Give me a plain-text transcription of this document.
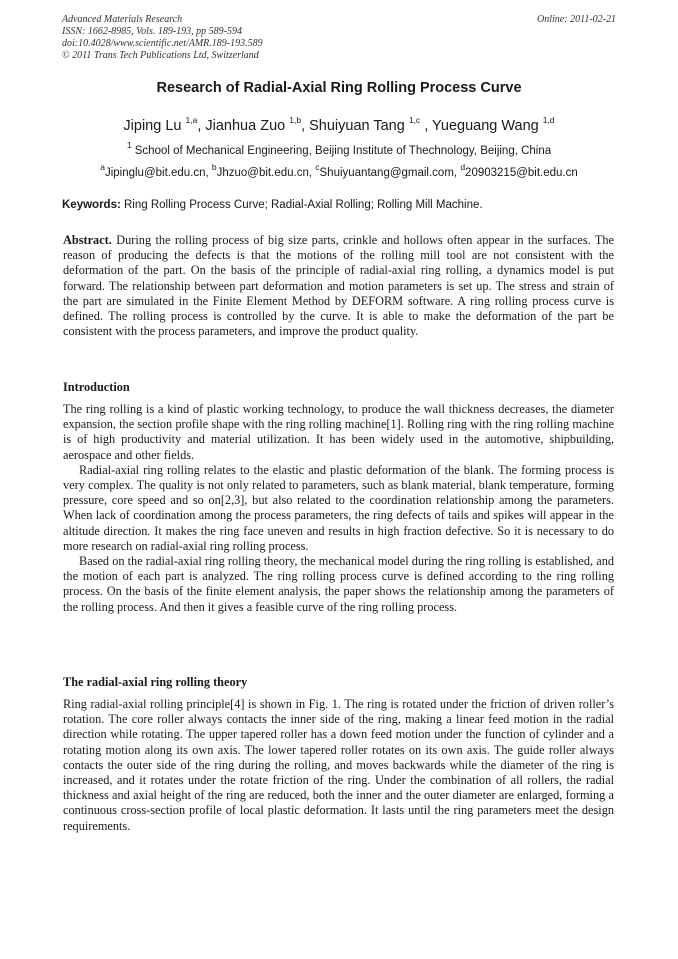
Advanced Materials Research
ISSN: 1662-8985, Vols. 189-193, pp 589-594
doi:10.4028/www.scientific.net/AMR.189-193.589
© 2011 Trans Tech Publications Ltd, Switzerland
Online: 2011-02-21
Research of Radial-Axial Ring Rolling Process Curve
Jiping Lu $^{1,a}$, Jianhua Zuo $^{1,b}$, Shuiyuan Tang $^{1,c}$ , Yueguang Wang $^{1,d}$
$^1$ School of Mechanical Engineering, Beijing Institute of Thechnology, Beijing, China
$^a$Jipinglu@bit.edu.cn, $^b$Jhzuo@bit.edu.cn, $^c$Shuiyuantang@gmail.com, $^d$20903215@bit.edu.cn
Keywords: Ring Rolling Process Curve; Radial-Axial Rolling; Rolling Mill Machine.

Abstract. During the rolling process of big size parts, crinkle and hollows often appear in the surfaces. The reason of producing the defects is that the motions of the rolling mill tool are not consistent with the deformation of the part. On the basis of the principle of radial-axial ring rolling, a dynamics model is put forward. The relationship between part deformation and motion parameters is set up. The stress and strain of the part are simulated in the Finite Element Method by DEFORM software. A ring rolling process curve is defined. The rolling process is controlled by the curve. It is able to make the deformation of the part be consistent with the process parameters, and improve the product quality.

Introduction

The ring rolling is a kind of plastic working technology, to produce the wall thickness decreases, the diameter expansion, the section profile shape with the ring rolling machine[1]. Rolling ring with the ring rolling machine is of high productivity and material utilization. It has been widely used in the automotive, shipbuilding, aerospace and other fields.

Radial-axial ring rolling relates to the elastic and plastic deformation of the blank. The forming process is very complex. The quality is not only related to parameters, such as blank material, blank temperature, forming pressure, core speed and so on[2,3], but also related to the coordination relationship among the parameters. When lack of coordination among the process parameters, the ring defects of tails and spikes will appear in the altitude direction. It makes the ring face uneven and results in high fraction defective. So it is necessary to do more research on radial-axial ring rolling process.

Based on the radial-axial ring rolling theory, the mechanical model during the ring rolling is established, and the motion of each part is analyzed. The ring rolling process curve is defined according to the ring rolling process. On the basis of the finite element analysis, the paper shows the relationship among the parameters of the rolling process. And then it gives a feasible curve of the ring rolling process.

The radial-axial ring rolling theory

Ring radial-axial rolling principle[4] is shown in Fig. 1. The ring is rotated under the friction of driven roller’s rotation. The core roller always contacts the inner side of the ring, making a linear feed motion in the radial direction while rotating. The upper tapered roller has a down feed motion under the function of cylinder and a rotating motion along its own axis. The lower tapered roller rotates on its own axis. The guide roller always contacts the outer side of the ring during the rolling, and moves backwards while the diameter of the ring is increased, and it rotates under the rotate friction of the ring. Under the combination of all rollers, the radial thickness and axial height of the ring are reduced, both the inner and the outer diameter are enlarged, forming a continuous cross-section profile of local plastic deformation. It lasts until the ring parameters meet the design requirements.
